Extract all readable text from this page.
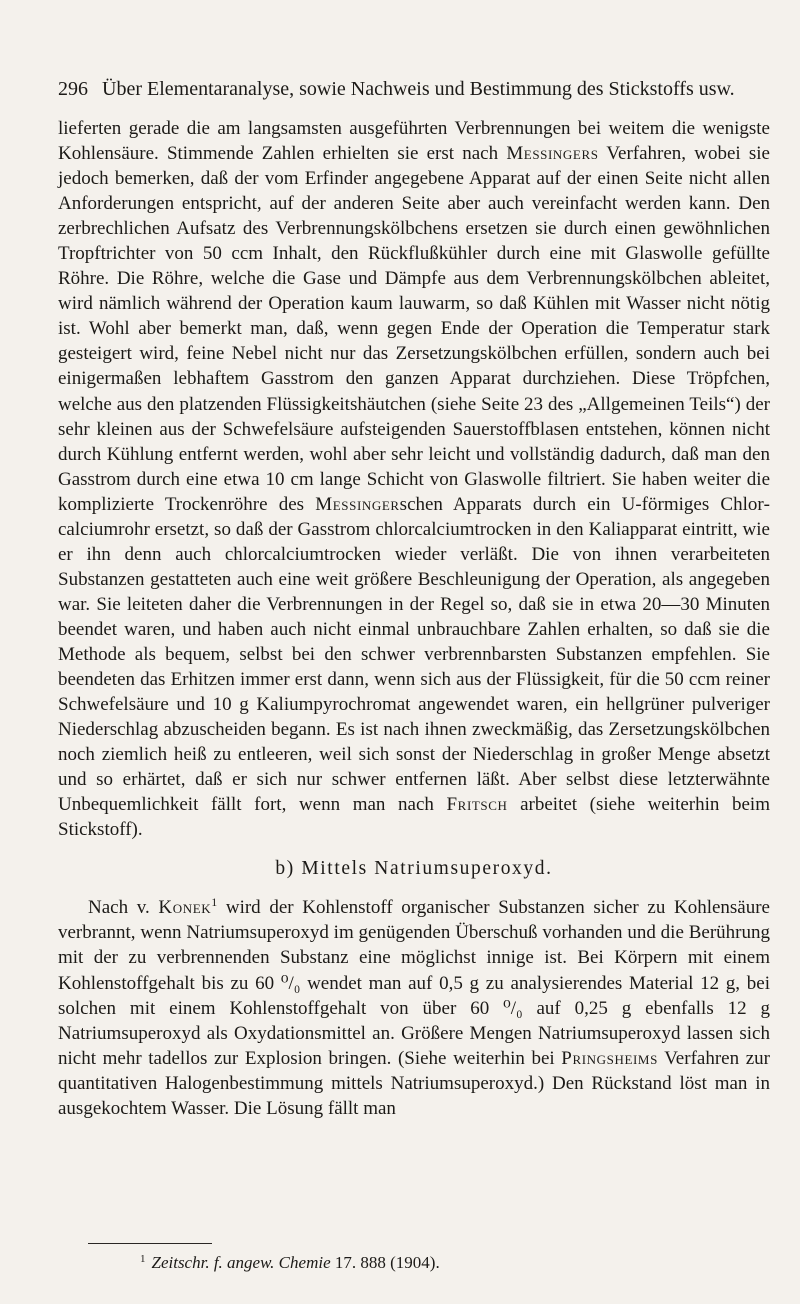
296 Über Elementaranalyse, sowie Nachweis und Bestimmung des Stickstoffs usw.

lieferten gerade die am langsamsten ausgeführten Verbrennungen bei weitem die wenigste Kohlensäure. Stimmende Zahlen erhielten sie erst nach Messingers Verfahren, wobei sie jedoch bemerken, daß der vom Erfinder angegebene Apparat auf der einen Seite nicht allen Anforderungen entspricht, auf der anderen Seite aber auch vereinfacht werden kann. Den zerbrechlichen Aufsatz des Verbrennungskölbchens ersetzen sie durch einen gewöhnlichen Tropftrichter von 50 ccm Inhalt, den Rückflußkühler durch eine mit Glaswolle gefüllte Röhre. Die Röhre, welche die Gase und Dämpfe aus dem Verbrennungskölbchen ableitet, wird nämlich während der Operation kaum lauwarm, so daß Kühlen mit Wasser nicht nötig ist. Wohl aber bemerkt man, daß, wenn gegen Ende der Operation die Temperatur stark gesteigert wird, feine Nebel nicht nur das Zersetzungskölbchen erfüllen, sondern auch bei einigermaßen lebhaftem Gasstrom den ganzen Apparat durchziehen. Diese Tröpfchen, welche aus den platzenden Flüssigkeitshäutchen (siehe Seite 23 des „Allgemeinen Teils“) der sehr kleinen aus der Schwefelsäure aufsteigenden Sauerstoffblasen entstehen, können nicht durch Kühlung entfernt werden, wohl aber sehr leicht und vollständig dadurch, daß man den Gasstrom durch eine etwa 10 cm lange Schicht von Glaswolle filtriert. Sie haben weiter die komplizierte Trockenröhre des Messingerschen Apparats durch ein U-förmiges Chlorcalciumrohr ersetzt, so daß der Gasstrom chlorcalciumtrocken in den Kaliapparat eintritt, wie er ihn denn auch chlorcalciumtrocken wieder verläßt. Die von ihnen verarbeiteten Substanzen gestatteten auch eine weit größere Beschleunigung der Operation, als angegeben war. Sie leiteten daher die Verbrennungen in der Regel so, daß sie in etwa 20—30 Minuten beendet waren, und haben auch nicht einmal unbrauchbare Zahlen erhalten, so daß sie die Methode als bequem, selbst bei den schwer verbrennbarsten Substanzen empfehlen. Sie beendeten das Erhitzen immer erst dann, wenn sich aus der Flüssigkeit, für die 50 ccm reiner Schwefelsäure und 10 g Kaliumpyrochromat angewendet waren, ein hellgrüner pulveriger Niederschlag abzuscheiden begann. Es ist nach ihnen zweckmäßig, das Zersetzungskölbchen noch ziemlich heiß zu entleeren, weil sich sonst der Niederschlag in großer Menge absetzt und so erhärtet, daß er sich nur schwer entfernen läßt. Aber selbst diese letzterwähnte Unbequemlichkeit fällt fort, wenn man nach Fritsch arbeitet (siehe weiterhin beim Stickstoff).

b) Mittels Natriumsuperoxyd.

Nach v. Konek$^1$ wird der Kohlenstoff organischer Substanzen sicher zu Kohlensäure verbrannt, wenn Natriumsuperoxyd im genügenden Überschuß vorhanden und die Berührung mit der zu verbrennenden Substanz eine möglichst innige ist. Bei Körpern mit einem Kohlenstoffgehalt bis zu 60 ⁰/₀ wendet man auf 0,5 g zu analysierendes Material 12 g, bei solchen mit einem Kohlenstoffgehalt von über 60 ⁰/₀ auf 0,25 g ebenfalls 12 g Natriumsuperoxyd als Oxydationsmittel an. Größere Mengen Natriumsuperoxyd lassen sich nicht mehr tadellos zur Explosion bringen. (Siehe weiterhin bei Pringsheims Verfahren zur quantitativen Halogenbestimmung mittels Natriumsuperoxyd.) Den Rückstand löst man in ausgekochtem Wasser. Die Lösung fällt man

$^1$ Zeitschr. f. angew. Chemie 17. 888 (1904).
